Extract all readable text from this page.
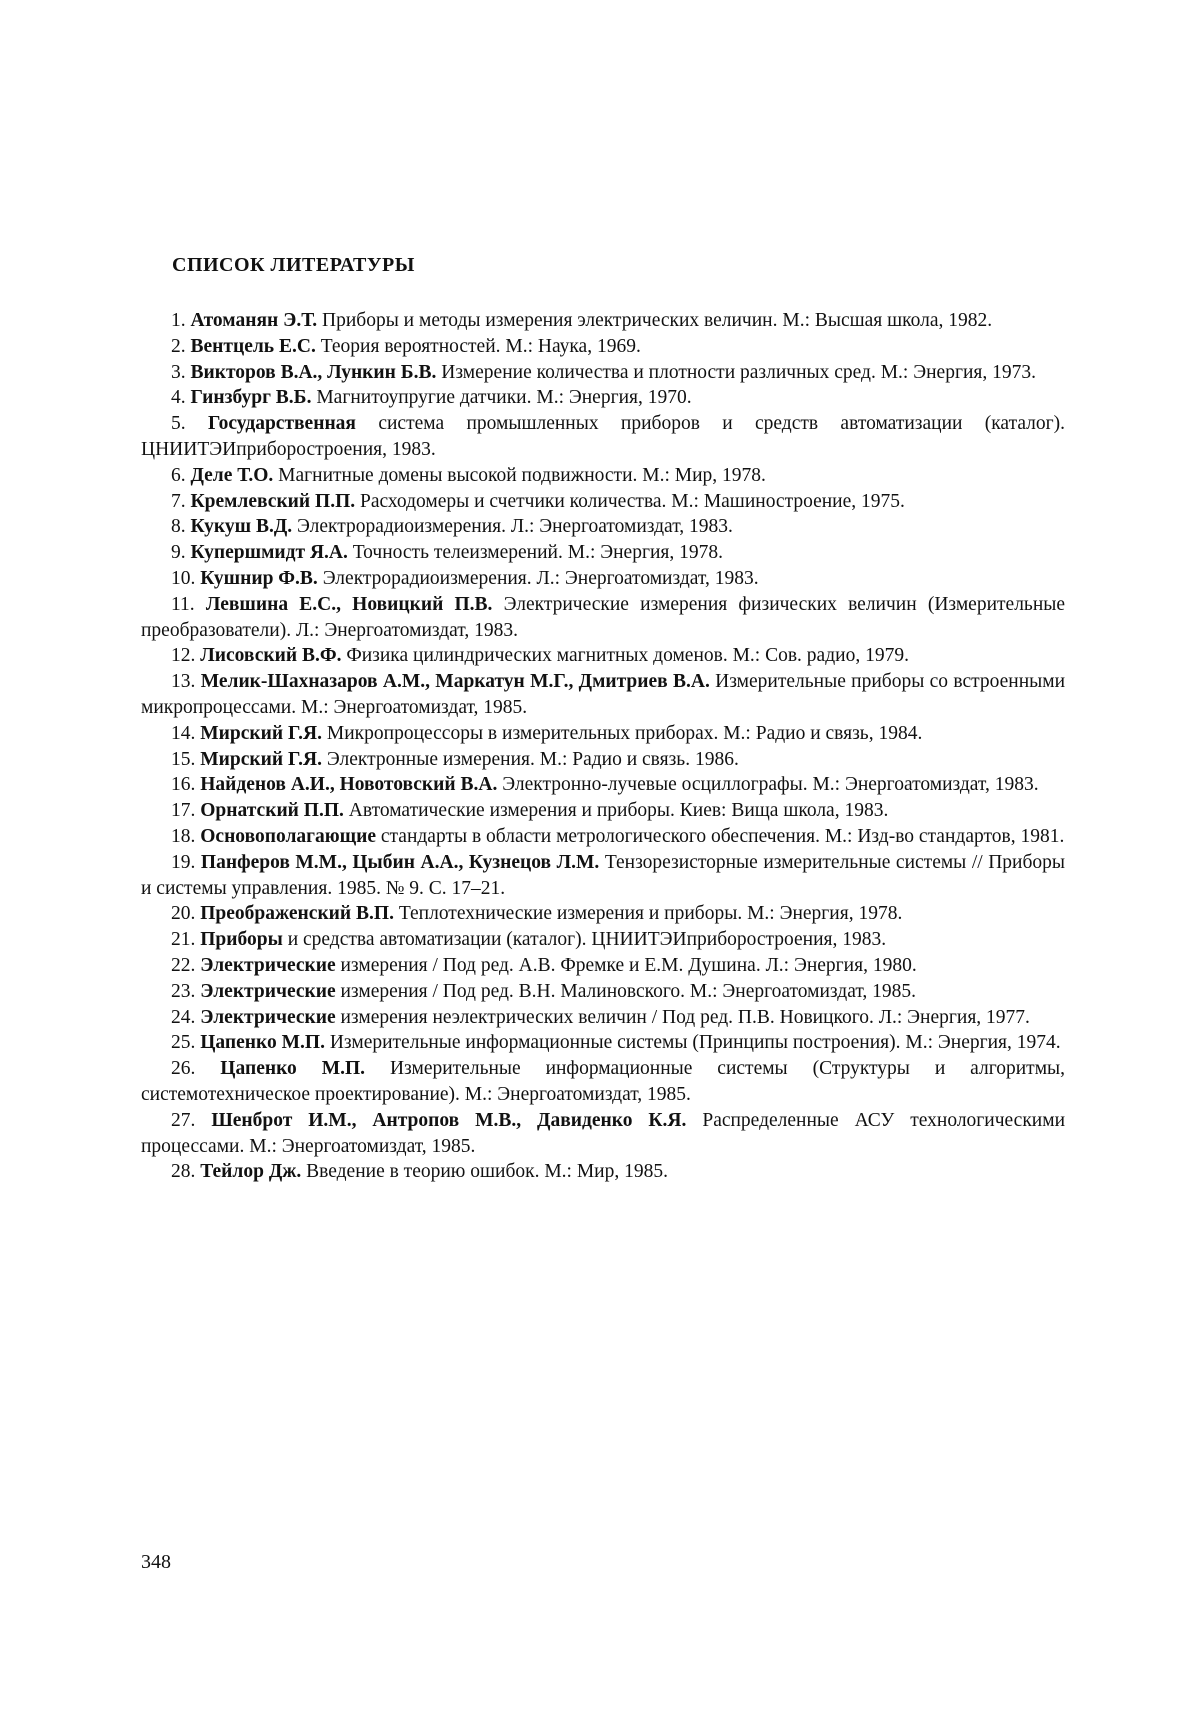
СПИСОК ЛИТЕРАТУРЫ

1. Атоманян Э.Т. Приборы и методы измерения электрических величин. М.: Высшая школа, 1982.

2. Вентцель Е.С. Теория вероятностей. М.: Наука, 1969.

3. Викторов В.А., Лункин Б.В. Измерение количества и плотности различных сред. М.: Энергия, 1973.

4. Гинзбург В.Б. Магнитоупругие датчики. М.: Энергия, 1970.

5. Государственная система промышленных приборов и средств автоматизации (каталог). ЦНИИТЭИприборостроения, 1983.

6. Деле Т.О. Магнитные домены высокой подвижности. М.: Мир, 1978.

7. Кремлевский П.П. Расходомеры и счетчики количества. М.: Машиностроение, 1975.

8. Кукуш В.Д. Электрорадиоизмерения. Л.: Энергоатомиздат, 1983.

9. Купершмидт Я.А. Точность телеизмерений. М.: Энергия, 1978.

10. Кушнир Ф.В. Электрорадиоизмерения. Л.: Энергоатомиздат, 1983.

11. Левшина Е.С., Новицкий П.В. Электрические измерения физических величин (Измерительные преобразователи). Л.: Энергоатомиздат, 1983.

12. Лисовский В.Ф. Физика цилиндрических магнитных доменов. М.: Сов. радио, 1979.

13. Мелик-Шахназаров А.М., Маркатун М.Г., Дмитриев В.А. Измерительные приборы со встроенными микропроцессами. М.: Энергоатомиздат, 1985.

14. Мирский Г.Я. Микропроцессоры в измерительных приборах. М.: Радио и связь, 1984.

15. Мирский Г.Я. Электронные измерения. М.: Радио и связь. 1986.

16. Найденов А.И., Новотовский В.А. Электронно-лучевые осциллографы. М.: Энергоатомиздат, 1983.

17. Орнатский П.П. Автоматические измерения и приборы. Киев: Вища школа, 1983.

18. Основополагающие стандарты в области метрологического обеспечения. М.: Изд-во стандартов, 1981.

19. Панферов М.М., Цыбин А.А., Кузнецов Л.М. Тензорезисторные измерительные системы // Приборы и системы управления. 1985. № 9. С. 17–21.

20. Преображенский В.П. Теплотехнические измерения и приборы. М.: Энергия, 1978.

21. Приборы и средства автоматизации (каталог). ЦНИИТЭИприборостроения, 1983.

22. Электрические измерения / Под ред. А.В. Фремке и Е.М. Душина. Л.: Энергия, 1980.

23. Электрические измерения / Под ред. В.Н. Малиновского. М.: Энергоатомиздат, 1985.

24. Электрические измерения неэлектрических величин / Под ред. П.В. Новицкого. Л.: Энергия, 1977.

25. Цапенко М.П. Измерительные информационные системы (Принципы построения). М.: Энергия, 1974.

26. Цапенко М.П. Измерительные информационные системы (Структуры и алгоритмы, системотехническое проектирование). М.: Энергоатомиздат, 1985.

27. Шенброт И.М., Антропов М.В., Давиденко К.Я. Распределенные АСУ технологическими процессами. М.: Энергоатомиздат, 1985.

28. Тейлор Дж. Введение в теорию ошибок. М.: Мир, 1985.

348
